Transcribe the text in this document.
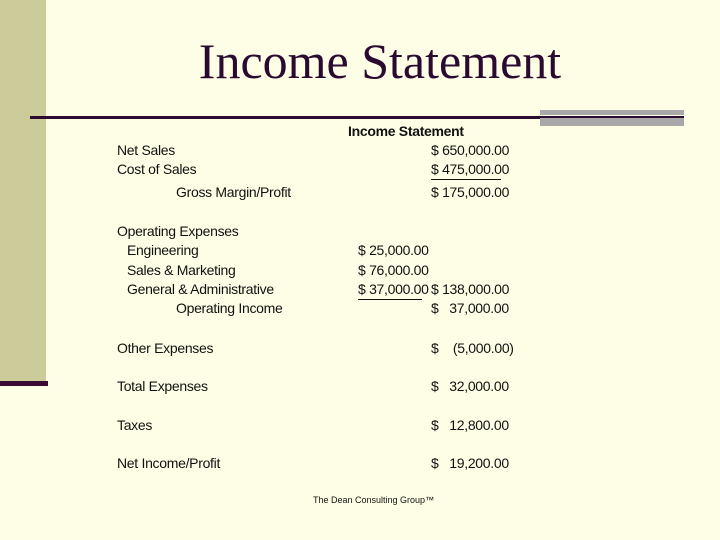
Income Statement
Income Statement
Net Sales	$ 650,000.00
Cost of Sales	$ 475,000.00
Gross Margin/Profit	$ 175,000.00
Operating Expenses
Engineering	$ 25,000.00
Sales & Marketing	$ 76,000.00
General & Administrative	$ 37,000.00 $ 138,000.00
Operating Income	$   37,000.00
Other Expenses	$    (5,000.00)
Total Expenses	$   32,000.00
Taxes	$   12,800.00
Net Income/Profit	$   19,200.00
The Dean Consulting Group™
